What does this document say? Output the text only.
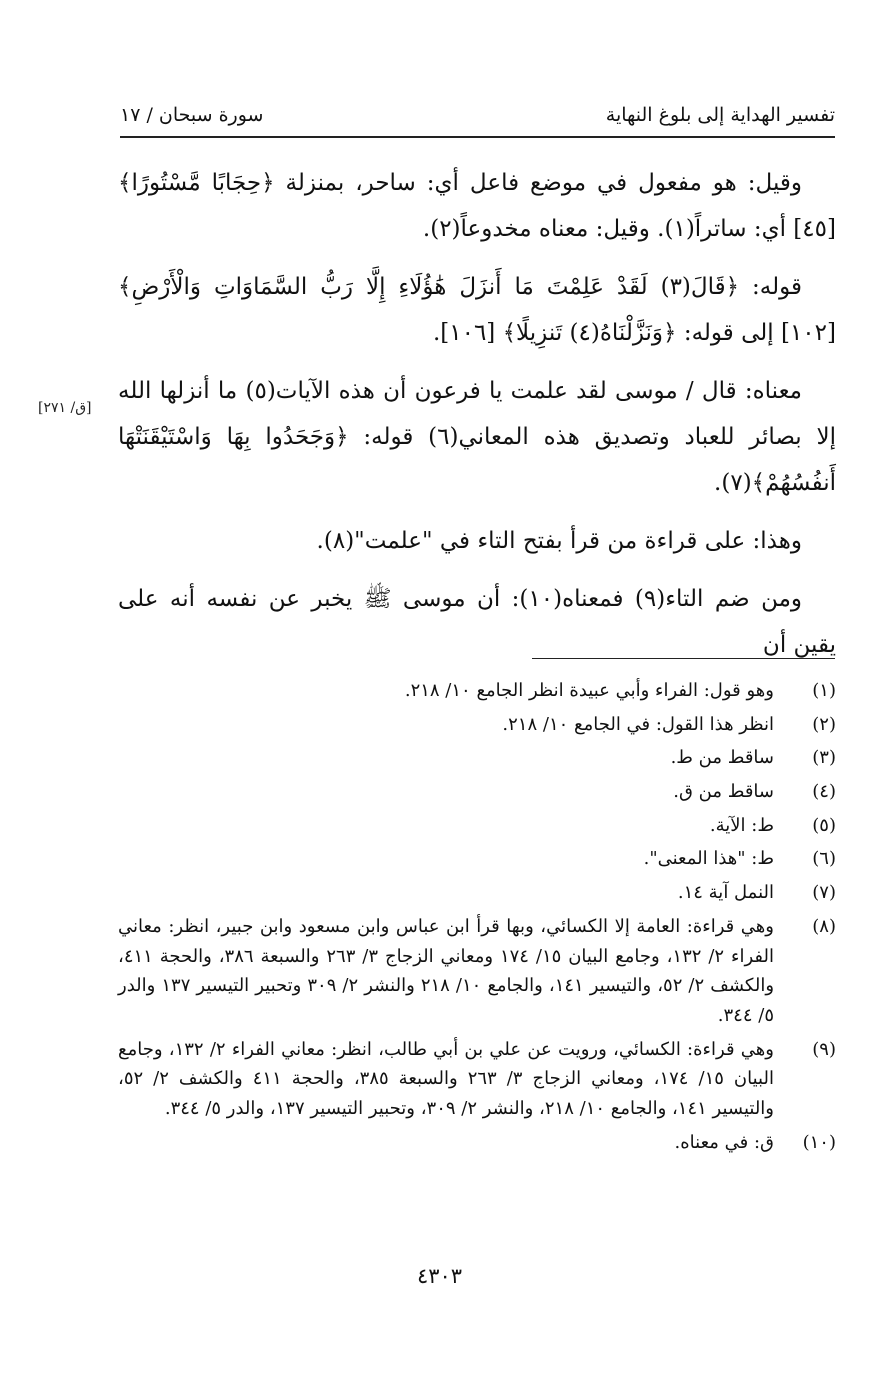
تفسير الهداية إلى بلوغ النهاية
سورة سبحان / ١٧

وقيل: هو مفعول في موضع فاعل أي: ساحر، بمنزلة ﴿حِجَابًا مَّسْتُورًا﴾ [٤٥] أي: ساتراً(١). وقيل: معناه مخدوعاً(٢).

قوله: ﴿قَالَ(٣) لَقَدْ عَلِمْتَ مَا أَنزَلَ هَٰؤُلَاءِ إِلَّا رَبُّ السَّمَاوَاتِ وَالْأَرْضِ﴾ [١٠٢] إلى قوله: ﴿وَنَزَّلْنَاهُ(٤) تَنزِيلًا﴾ [١٠٦].

معناه: قال / موسى لقد علمت يا فرعون أن هذه الآيات(٥) ما أنزلها الله إلا بصائر للعباد وتصديق هذه المعاني(٦) قوله: ﴿وَجَحَدُوا بِهَا وَاسْتَيْقَنَتْهَا أَنفُسُهُمْ﴾(٧).

وهذا: على قراءة من قرأ بفتح التاء في "علمت"(٨).

ومن ضم التاء(٩) فمعناه(١٠): أن موسى ﷺ يخبر عن نفسه أنه على يقين أن

[ق/ ٢٧١]
(١)
وهو قول: الفراء وأبي عبيدة انظر الجامع ١٠/ ٢١٨.
(٢)
انظر هذا القول: في الجامع ١٠/ ٢١٨.
(٣)
ساقط من ط.
(٤)
ساقط من ق.
(٥)
ط: الآية.
(٦)
ط: "هذا المعنى".
(٧)
النمل آية ١٤.
(٨)
وهي قراءة: العامة إلا الكسائي، وبها قرأ ابن عباس وابن مسعود وابن جبير، انظر: معاني الفراء ٢/ ١٣٢، وجامع البيان ١٥/ ١٧٤ ومعاني الزجاج ٣/ ٢٦٣ والسبعة ٣٨٦، والحجة ٤١١، والكشف ٢/ ٥٢، والتيسير ١٤١، والجامع ١٠/ ٢١٨ والنشر ٢/ ٣٠٩ وتحبير التيسير ١٣٧ والدر ٥/ ٣٤٤.
(٩)
وهي قراءة: الكسائي، ورويت عن علي بن أبي طالب، انظر: معاني الفراء ٢/ ١٣٢، وجامع البيان ١٥/ ١٧٤، ومعاني الزجاج ٣/ ٢٦٣ والسبعة ٣٨٥، والحجة ٤١١ والكشف ٢/ ٥٢، والتيسير ١٤١، والجامع ١٠/ ٢١٨، والنشر ٢/ ٣٠٩، وتحبير التيسير ١٣٧، والدر ٥/ ٣٤٤.
(١٠)
ق: في معناه.
٤٣٠٣
